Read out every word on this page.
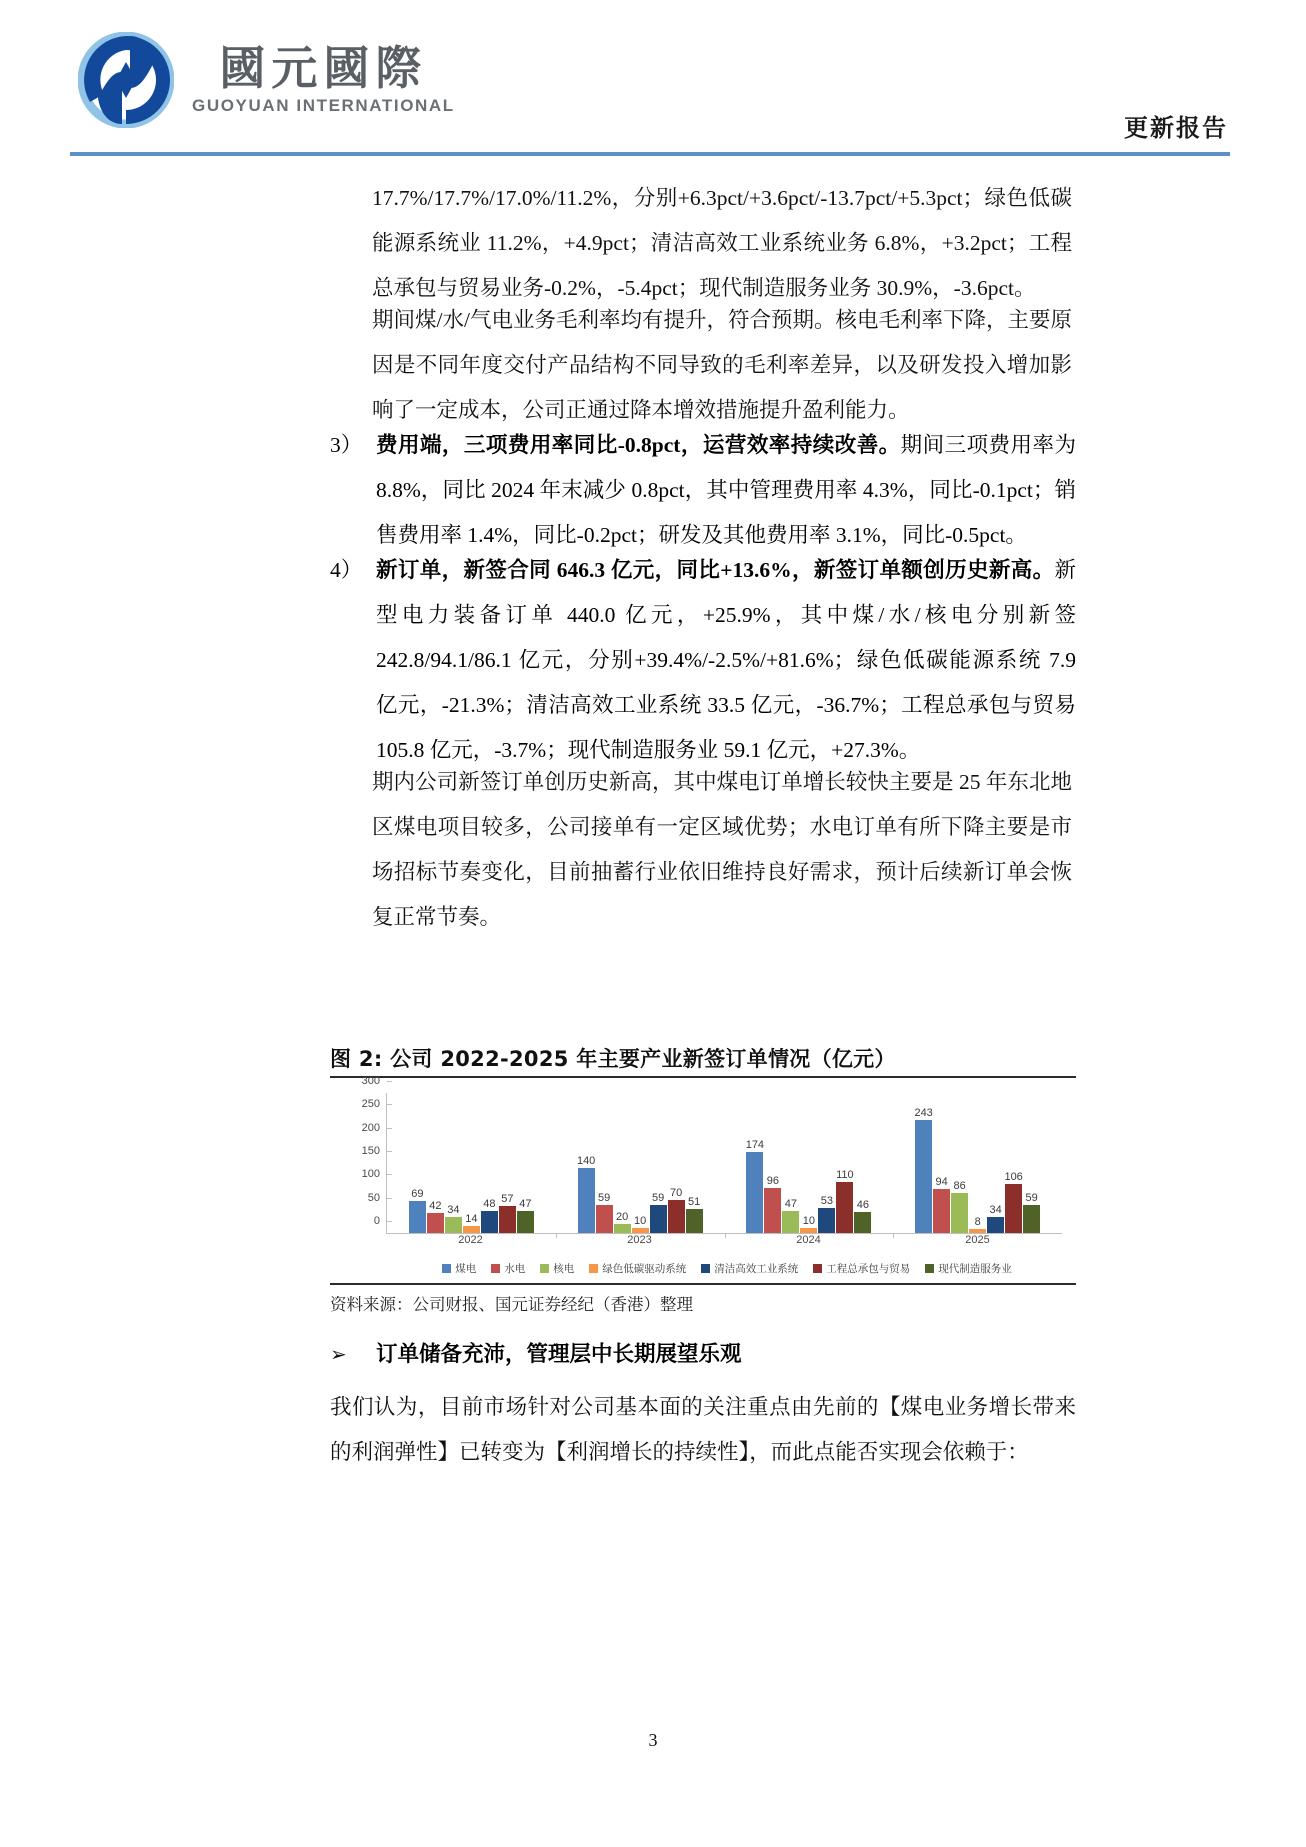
國元國際
GUOYUAN INTERNATIONAL
更新报告

17.7%/17.7%/17.0%/11.2%，分别+6.3pct/+3.6pct/-13.7pct/+5.3pct；绿色低碳能源系统业 11.2%，+4.9pct；清洁高效工业系统业务 6.8%，+3.2pct；工程总承包与贸易业务-0.2%，-5.4pct；现代制造服务业务 30.9%，-3.6pct。

期间煤/水/气电业务毛利率均有提升，符合预期。核电毛利率下降，主要原因是不同年度交付产品结构不同导致的毛利率差异，以及研发投入增加影响了一定成本，公司正通过降本增效措施提升盈利能力。

3） 费用端，三项费用率同比-0.8pct，运营效率持续改善。期间三项费用率为 8.8%，同比 2024 年末减少 0.8pct，其中管理费用率 4.3%，同比-0.1pct；销售费用率 1.4%，同比-0.2pct；研发及其他费用率 3.1%，同比-0.5pct。
4） 新订单，新签合同 646.3 亿元，同比+13.6%，新签订单额创历史新高。新型电力装备订单 440.0 亿元，+25.9%，其中煤/水/核电分别新签 242.8/94.1/86.1 亿元，分别+39.4%/-2.5%/+81.6%；绿色低碳能源系统 7.9 亿元，-21.3%；清洁高效工业系统 33.5 亿元，-36.7%；工程总承包与贸易 105.8 亿元，-3.7%；现代制造服务业 59.1 亿元，+27.3%。

期内公司新签订单创历史新高，其中煤电订单增长较快主要是 25 年东北地区煤电项目较多，公司接单有一定区域优势；水电订单有所下降主要是市场招标节奏变化，目前抽蓄行业依旧维持良好需求，预计后续新订单会恢复正常节奏。

图 2: 公司 2022-2025 年主要产业新签订单情况（亿元）
0
50
100
150
200
250
300
69
42 34
14
48 57 47
140
59
20 10
59 70
51
174
96
47
10
53
110
46
243
94 86
8
34
106
59
2022	2023	2024	2025
煤电	水电	核电	绿色低碳驱动系统	清洁高效工业系统	工程总承包与贸易	现代制造服务业
资料来源：公司财报、国元证券经纪（香港）整理
➢	订单储备充沛，管理层中长期展望乐观

我们认为，目前市场针对公司基本面的关注重点由先前的【煤电业务增长带来的利润弹性】已转变为【利润增长的持续性】，而此点能否实现会依赖于：

3
